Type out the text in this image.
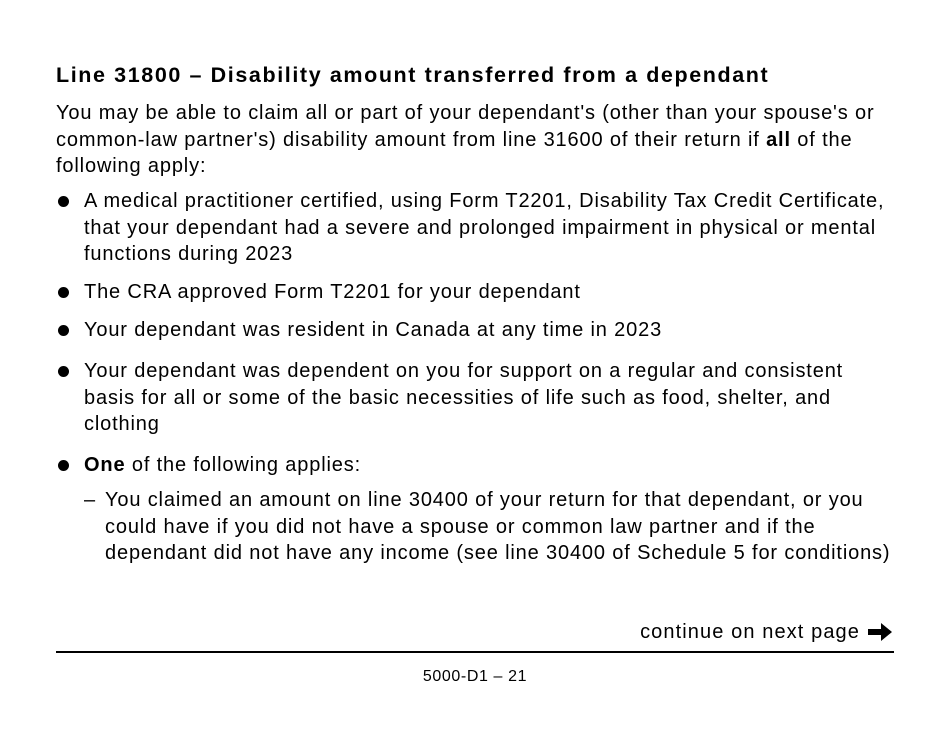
Line 31800 – Disability amount transferred from a dependant

You may be able to claim all or part of your dependant's (other than your spouse's or common-law partner's) disability amount from line 31600 of their return if all of the following apply:

A medical practitioner certified, using Form T2201, Disability Tax Credit Certificate, that your dependant had a severe and prolonged impairment in physical or mental functions during 2023
The CRA approved Form T2201 for your dependant
Your dependant was resident in Canada at any time in 2023
Your dependant was dependent on you for support on a regular and consistent basis for all or some of the basic necessities of life such as food, shelter, and clothing
One of the following applies:
– You claimed an amount on line 30400 of your return for that dependant, or you could have if you did not have a spouse or common law partner and if the dependant did not have any income (see line 30400 of Schedule 5 for conditions)
continue on next page
5000-D1 – 21
